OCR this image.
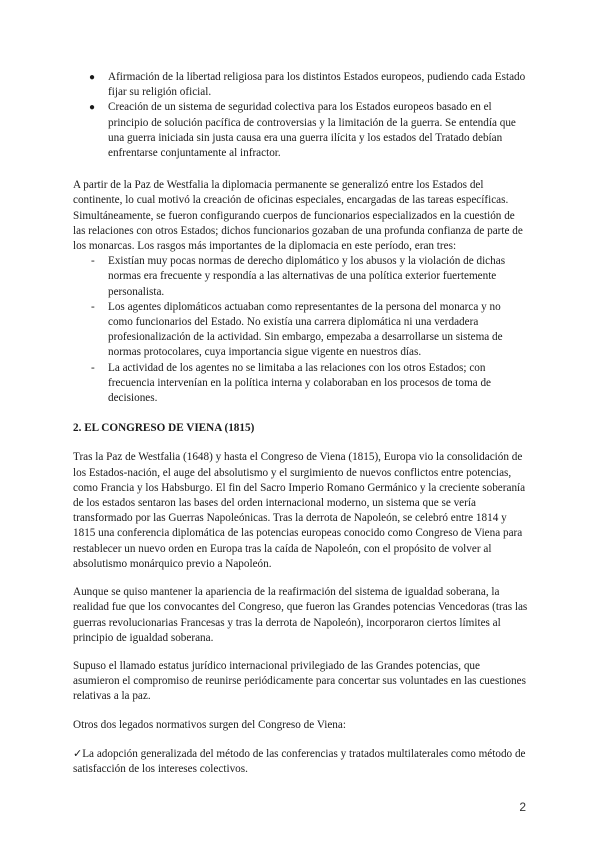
● Afirmación de la libertad religiosa para los distintos Estados europeos, pudiendo cada Estado fijar su religión oficial.
● Creación de un sistema de seguridad colectiva para los Estados europeos basado en el principio de solución pacífica de controversias y la limitación de la guerra. Se entendía que una guerra iniciada sin justa causa era una guerra ilícita y los estados del Tratado debían enfrentarse conjuntamente al infractor.

A partir de la Paz de Westfalia la diplomacia permanente se generalizó entre los Estados del continente, lo cual motivó la creación de oficinas especiales, encargadas de las tareas específicas. Simultáneamente, se fueron configurando cuerpos de funcionarios especializados en la cuestión de las relaciones con otros Estados; dichos funcionarios gozaban de una profunda confianza de parte de los monarcas. Los rasgos más importantes de la diplomacia en este período, eran tres:

- Existían muy pocas normas de derecho diplomático y los abusos y la violación de dichas normas era frecuente y respondía a las alternativas de una política exterior fuertemente personalista.
- Los agentes diplomáticos actuaban como representantes de la persona del monarca y no como funcionarios del Estado. No existía una carrera diplomática ni una verdadera profesionalización de la actividad. Sin embargo, empezaba a desarrollarse un sistema de normas protocolares, cuya importancia sigue vigente en nuestros días.
- La actividad de los agentes no se limitaba a las relaciones con los otros Estados; con frecuencia intervenían en la política interna y colaboraban en los procesos de toma de decisiones.

2. EL CONGRESO DE VIENA (1815)

Tras la Paz de Westfalia (1648) y hasta el Congreso de Viena (1815), Europa vio la consolidación de los Estados-nación, el auge del absolutismo y el surgimiento de nuevos conflictos entre potencias, como Francia y los Habsburgo. El fin del Sacro Imperio Romano Germánico y la creciente soberanía de los estados sentaron las bases del orden internacional moderno, un sistema que se vería transformado por las Guerras Napoleónicas. Tras la derrota de Napoleón, se celebró entre 1814 y 1815 una conferencia diplomática de las potencias europeas conocido como Congreso de Viena para restablecer un nuevo orden en Europa tras la caída de Napoleón, con el propósito de volver al absolutismo monárquico previo a Napoleón.

Aunque se quiso mantener la apariencia de la reafirmación del sistema de igualdad soberana, la realidad fue que los convocantes del Congreso, que fueron las Grandes potencias Vencedoras (tras las guerras revolucionarias Francesas y tras la derrota de Napoleón), incorporaron ciertos límites al principio de igualdad soberana.

Supuso el llamado estatus jurídico internacional privilegiado de las Grandes potencias, que asumieron el compromiso de reunirse periódicamente para concertar sus voluntades en las cuestiones relativas a la paz.

Otros dos legados normativos surgen del Congreso de Viena:

✓La adopción generalizada del método de las conferencias y tratados multilaterales como método de satisfacción de los intereses colectivos.

2
